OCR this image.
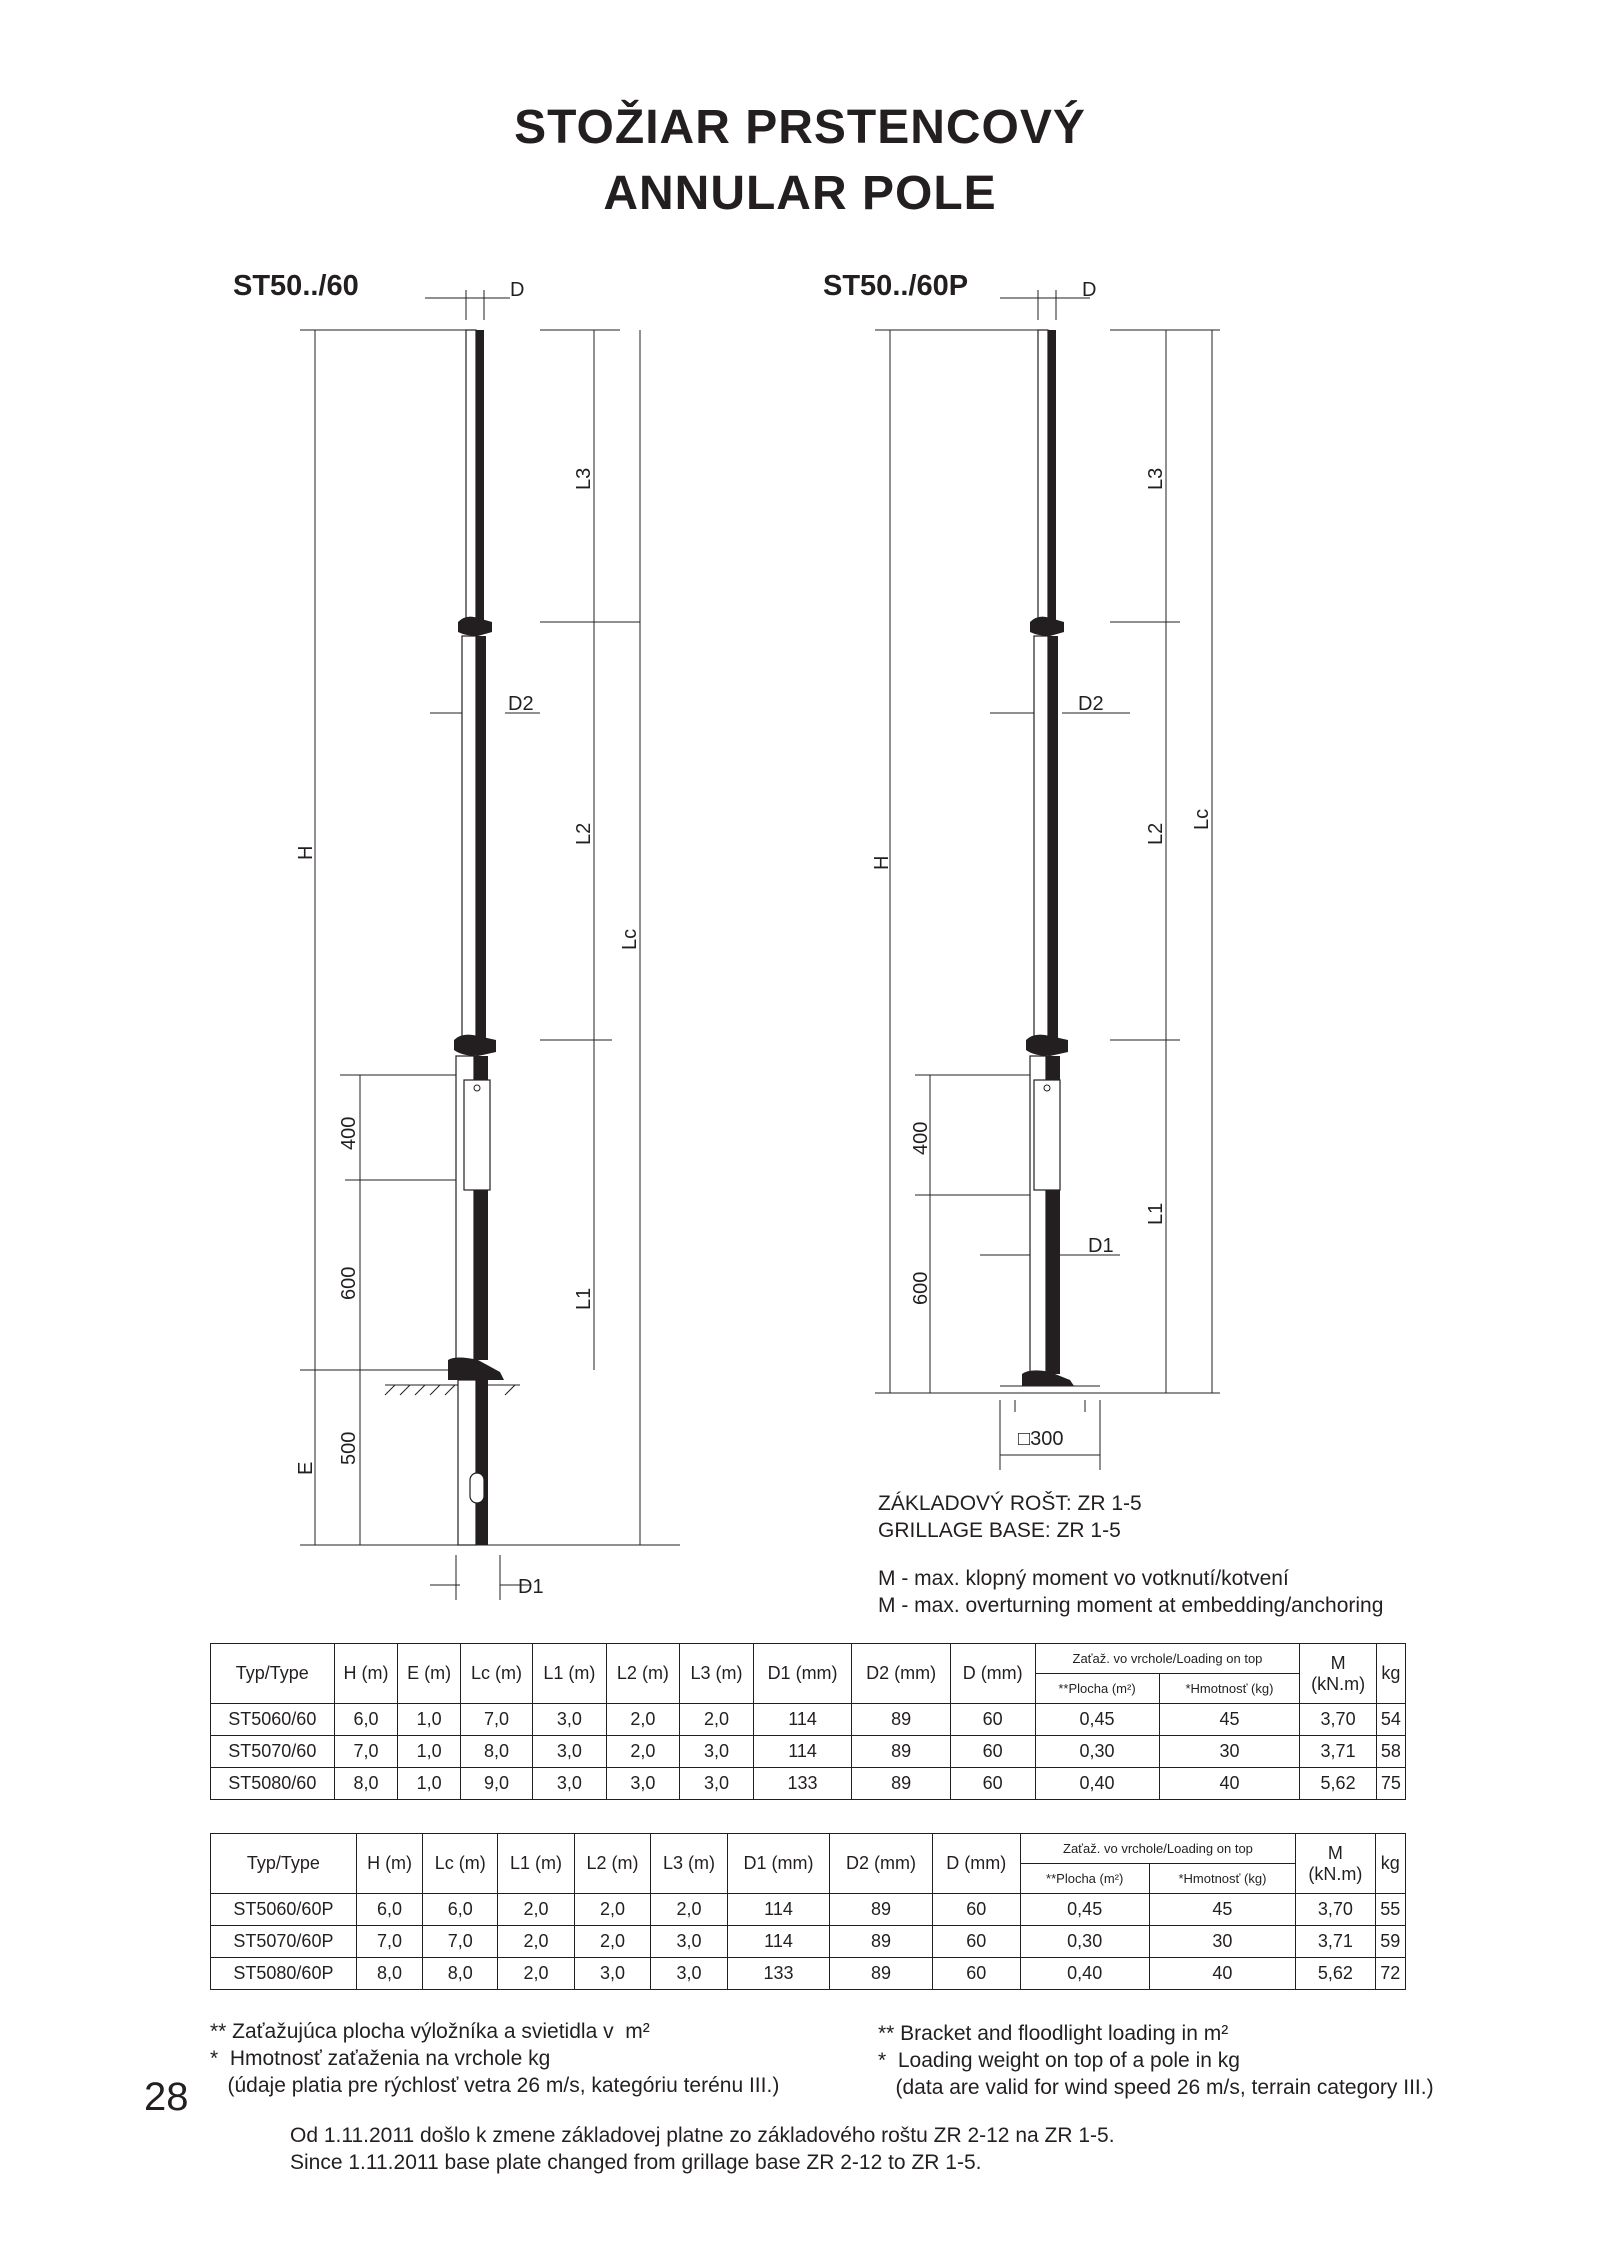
STOŽIAR PRSTENCOVÝ
ANNULAR POLE
ST50../60	ST50../60P
D
D2
D1
H
E
400
600
500
L3
L2
L1
Lc
D
D2
D1
H
400
600
L3
L2
L1
Lc
□300
ZÁKLADOVÝ ROŠT: ZR 1-5
GRILLAGE BASE: ZR 1-5
M - max. klopný moment vo votknutí/kotvení
M - max. overturning moment at embedding/anchoring
Typ/Type	H (m)	E (m)	Lc (m)	L1 (m)	L2 (m)	L3 (m)	D1 (mm)	D2 (mm)	D (mm)	Zaťaž. vo vrchole/Loading on top		M
(kN.m)	kg
										**Plocha (m²)	*Hmotnosť (kg)		
ST5060/60	6,0	1,0	7,0	3,0	2,0	2,0	114	89	60	0,45	45	3,70	54
ST5070/60	7,0	1,0	8,0	3,0	2,0	3,0	114	89	60	0,30	30	3,71	58
ST5080/60	8,0	1,0	9,0	3,0	3,0	3,0	133	89	60	0,40	40	5,62	75
Typ/Type	H (m)	Lc (m)	L1 (m)	L2 (m)	L3 (m)	D1 (mm)	D2 (mm)	D (mm)	Zaťaž. vo vrchole/Loading on top		M
(kN.m)	kg
									**Plocha (m²)	*Hmotnosť (kg)		
ST5060/60P	6,0	6,0	2,0	2,0	2,0	114	89	60	0,45	45	3,70	55
ST5070/60P	7,0	7,0	2,0	2,0	3,0	114	89	60	0,30	30	3,71	59
ST5080/60P	8,0	8,0	2,0	3,0	3,0	133	89	60	0,40	40	5,62	72
** Zaťažujúca plocha výložníka a svietidla v  m²
*  Hmotnosť zaťaženia na vrchole kg
(údaje platia pre rýchlosť vetra 26 m/s, kategóriu terénu III.)
** Bracket and floodlight loading in m²
*  Loading weight on top of a pole in kg
(data are valid for wind speed 26 m/s, terrain category III.)
28
Od 1.11.2011 došlo k zmene základovej platne zo základového roštu ZR 2-12 na ZR 1-5.
Since 1.11.2011 base plate changed from grillage base ZR 2-12 to ZR 1-5.
